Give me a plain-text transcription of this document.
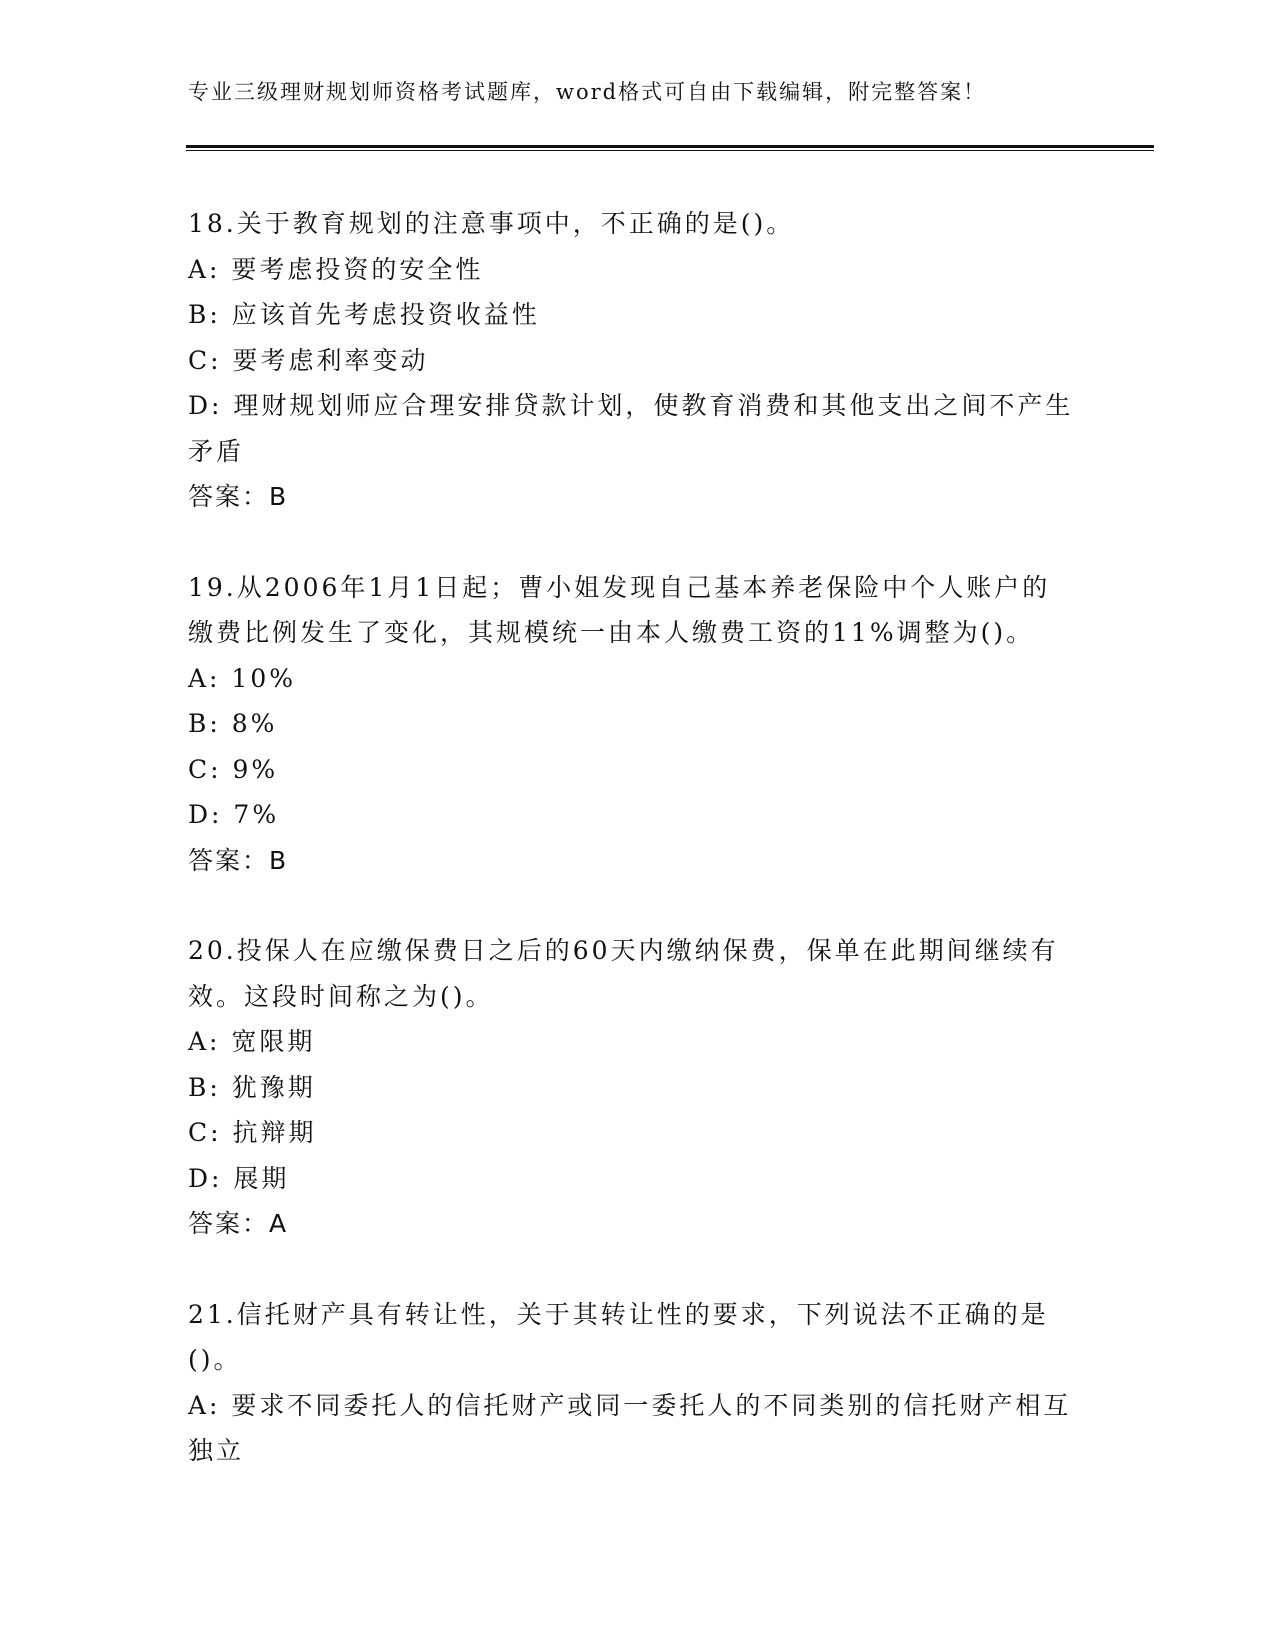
专业三级理财规划师资格考试题库，word格式可自由下载编辑，附完整答案！

18.关于教育规划的注意事项中，不正确的是()。

A: 要考虑投资的安全性

B: 应该首先考虑投资收益性

C: 要考虑利率变动

D: 理财规划师应合理安排贷款计划，使教育消费和其他支出之间不产生矛盾

答案：B

19.从2006年1月1日起；曹小姐发现自己基本养老保险中个人账户的缴费比例发生了变化，其规模统一由本人缴费工资的11%调整为()。

A: 10%

B: 8%

C: 9%

D: 7%

答案：B

20.投保人在应缴保费日之后的60天内缴纳保费，保单在此期间继续有效。这段时间称之为()。

A: 宽限期

B: 犹豫期

C: 抗辩期

D: 展期

答案：A

21.信托财产具有转让性，关于其转让性的要求，下列说法不正确的是()。

A: 要求不同委托人的信托财产或同一委托人的不同类别的信托财产相互独立
